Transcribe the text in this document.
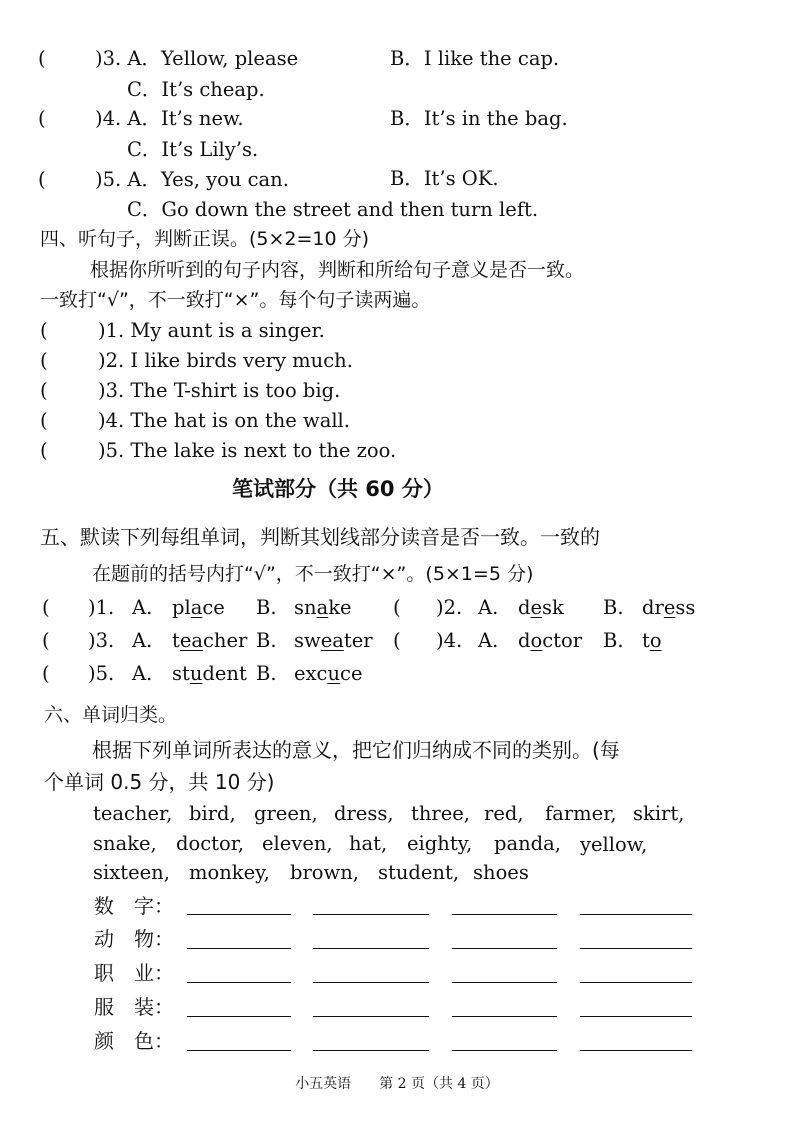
(	)3. A．Yellow, please	B．I like the cap.
C．It’s cheap.
(	)4. A．It’s new.	B．It’s in the bag.
C．It’s Lily’s.
(	)5. A．Yes, you can.	B．It’s OK.
C．Go down the street and then turn left.
四、听句子，判断正误。(5×2=10 分)
根据你所听到的句子内容，判断和所给句子意义是否一致。
一致打“√”，不一致打“×”。每个句子读两遍。
(	)1. My aunt is a singer.
(	)2. I like birds very much.
(	)3. The T-shirt is too big.
(	)4. The hat is on the wall.
(	)5. The lake is next to the zoo.
笔试部分（共 60 分）
五、默读下列每组单词，判断其划线部分读音是否一致。一致的
在题前的括号内打“√”，不一致打“×”。(5×1=5 分)
( )1. A. place B. snake ( )2. A. desk B. dress
( )3. A. teacher B. sweater ( )4. A. doctor B. to
( )5. A. student B. excuce
六、单词归类。
根据下列单词所表达的意义，把它们归纳成不同的类别。(每
个单词 0.5 分，共 10 分)
teacher, bird, green, dress, three, red, farmer, skirt,
snake, doctor, eleven, hat, eighty, panda, yellow,
sixteen, monkey, brown, student, shoes
数　字：
动　物：
职　业：
服　装：
颜　色：
小五英语　　第 2 页（共 4 页）
